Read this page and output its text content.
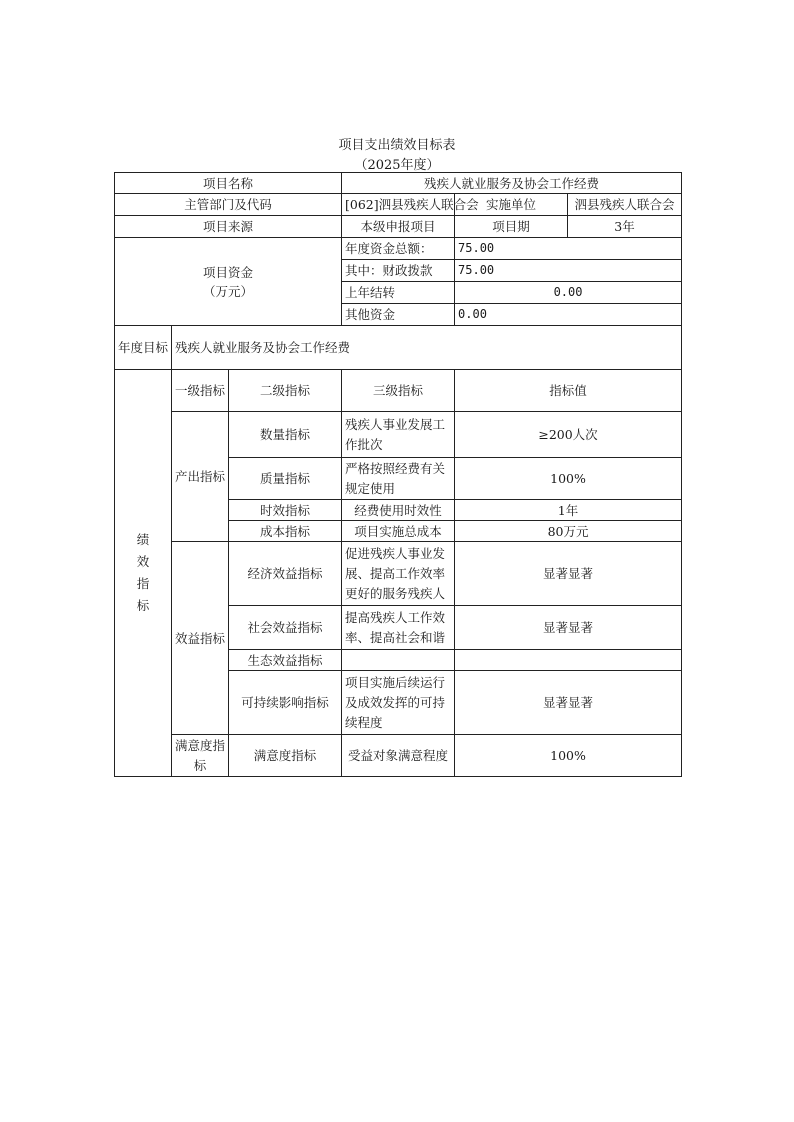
项目支出绩效目标表
（2025年度）
项目名称			残疾人就业服务及协会工作经费		
主管部门及代码			[062]泗县残疾人联合会	实施单位	泗县残疾人联合会
项目来源			本级申报项目	项目期	3年

项目资金
（万元）			年度资金总额：	75.00	
			其中：财政拨款	75.00	
			上年结转	0.00	
			其他资金	0.00	
年度目标	残疾人就业服务及协会工作经费				

绩效指标	一级指标	二级指标	三级指标	指标值	
	产出指标	数量指标	残疾人事业发展工作批次	≥200人次	
		质量指标	严格按照经费有关规定使用	100%	
		时效指标	经费使用时效性	1年	
		成本指标	项目实施总成本	80万元	
	效益指标	经济效益指标	促进残疾人事业发展、提高工作效率更好的服务残疾人	显著显著	
		社会效益指标	提高残疾人工作效率、提高社会和谐	显著显著	
		生态效益指标			
		可持续影响指标	项目实施后续运行及成效发挥的可持续程度	显著显著	
	满意度指标	满意度指标	受益对象满意程度	100%	
